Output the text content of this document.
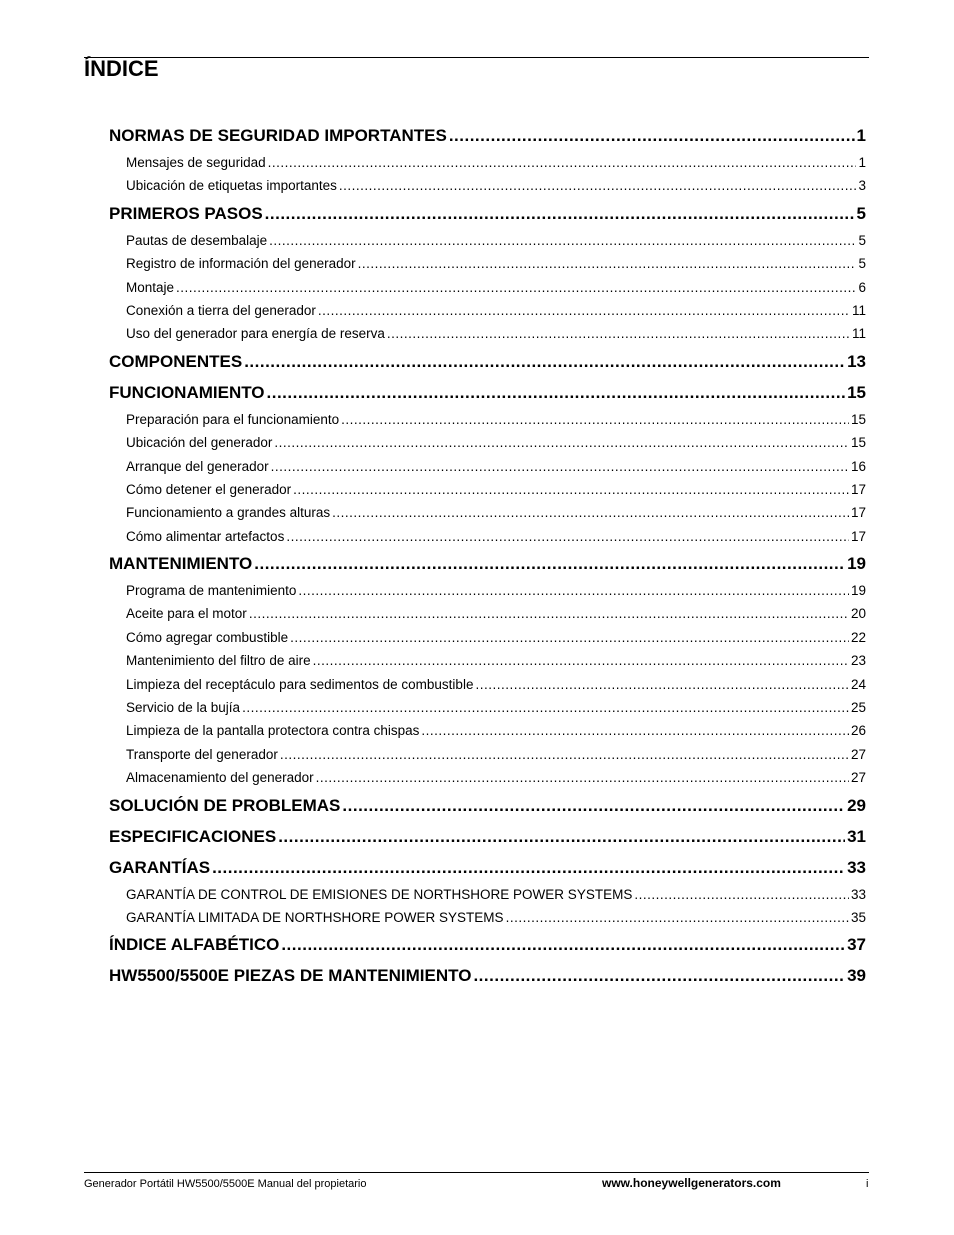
ÍNDICE
NORMAS DE SEGURIDAD IMPORTANTES .....	1
Mensajes de seguridad .....	1
Ubicación de etiquetas importantes .....	3
PRIMEROS PASOS .....	5
Pautas de desembalaje .....	5
Registro de información del generador .....	5
Montaje .....	6
Conexión a tierra del generador .....	11
Uso del generador para energía de reserva .....	11
COMPONENTES .....	13
FUNCIONAMIENTO .....	15
Preparación para el funcionamiento .....	15
Ubicación del generador .....	15
Arranque del generador .....	16
Cómo detener el generador .....	17
Funcionamiento a grandes alturas .....	17
Cómo alimentar artefactos .....	17
MANTENIMIENTO .....	19
Programa de mantenimiento .....	19
Aceite para el motor .....	20
Cómo agregar combustible .....	22
Mantenimiento del filtro de aire .....	23
Limpieza del receptáculo para sedimentos de combustible .....	24
Servicio de la bujía .....	25
Limpieza de la pantalla protectora contra chispas .....	26
Transporte del generador .....	27
Almacenamiento del generador .....	27
SOLUCIÓN DE PROBLEMAS .....	29
ESPECIFICACIONES .....	31
GARANTÍAS .....	33
GARANTÍA DE CONTROL DE EMISIONES DE NORTHSHORE POWER SYSTEMS .....	33
GARANTÍA LIMITADA DE NORTHSHORE POWER SYSTEMS .....	35
ÍNDICE ALFABÉTICO .....	37
HW5500/5500E PIEZAS DE MANTENIMIENTO .....	39
Generador Portátil HW5500/5500E Manual del propietario	www.honeywellgenerators.com	i
